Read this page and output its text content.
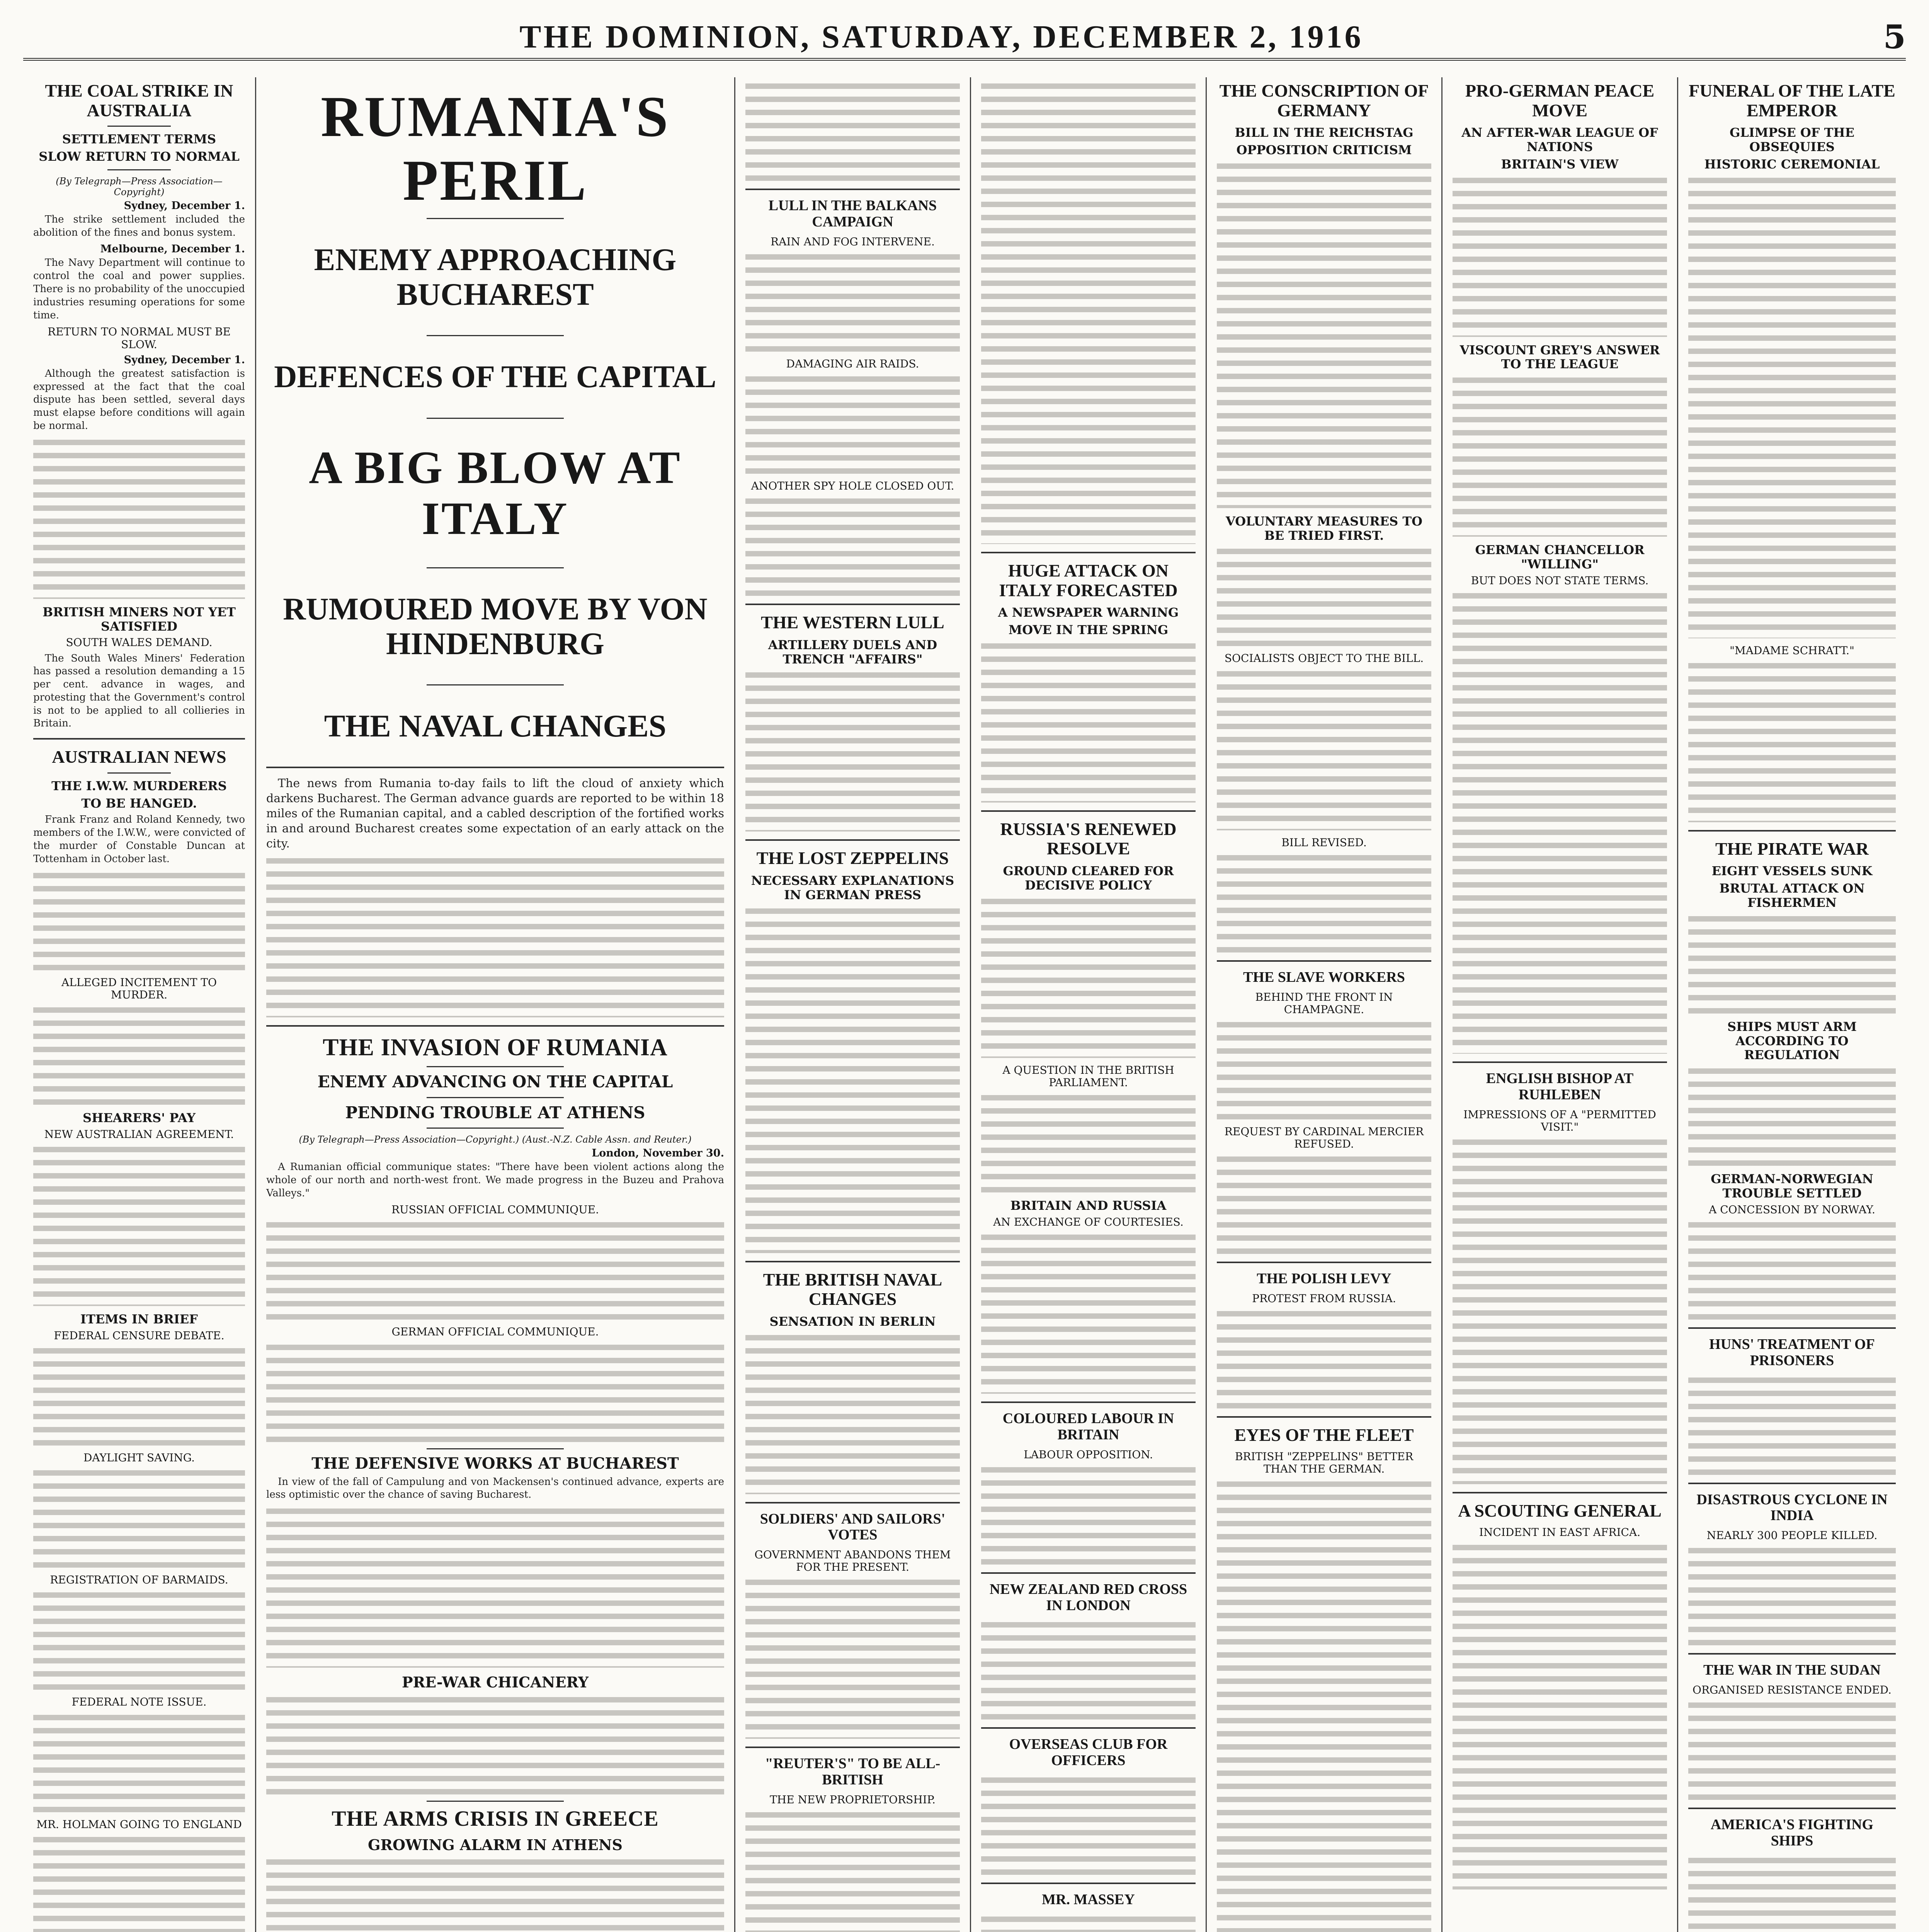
THE DOMINION, SATURDAY, DECEMBER 2, 1916	5
THE COAL STRIKE IN AUSTRALIA
SETTLEMENT TERMS
SLOW RETURN TO NORMAL
(By Telegraph—Press Association—Copyright)
Sydney, December 1.

The strike settlement included the abolition of the fines and bonus system.

Melbourne, December 1.

The Navy Department will continue to control the coal and power supplies. There is no probability of the unoccupied industries resuming operations for some time.

RETURN TO NORMAL MUST BE SLOW.
Sydney, December 1.

Although the greatest satisfaction is expressed at the fact that the coal dispute has been settled, several days must elapse before conditions will again be normal.

BRITISH MINERS NOT YET SATISFIED
SOUTH WALES DEMAND.

The South Wales Miners' Federation has passed a resolution demanding a 15 per cent. advance in wages, and protesting that the Government's control is not to be applied to all collieries in Britain.

AUSTRALIAN NEWS
THE I.W.W. MURDERERS
TO BE HANGED.

Frank Franz and Roland Kennedy, two members of the I.W.W., were convicted of the murder of Constable Duncan at Tottenham in October last.

ALLEGED INCITEMENT TO MURDER.
SHEARERS' PAY
NEW AUSTRALIAN AGREEMENT.
ITEMS IN BRIEF
FEDERAL CENSURE DEBATE.
DAYLIGHT SAVING.
REGISTRATION OF BARMAIDS.
FEDERAL NOTE ISSUE.
MR. HOLMAN GOING TO ENGLAND
RUMANIA'S PERIL
ENEMY APPROACHING BUCHAREST
DEFENCES OF THE CAPITAL
A BIG BLOW AT ITALY
RUMOURED MOVE BY VON HINDENBURG
THE NAVAL CHANGES

The news from Rumania to-day fails to lift the cloud of anxiety which darkens Bucharest. The German advance guards are reported to be within 18 miles of the Rumanian capital, and a cabled description of the fortified works in and around Bucharest creates some expectation of an early attack on the city.

THE INVASION OF RUMANIA
ENEMY ADVANCING ON THE CAPITAL
PENDING TROUBLE AT ATHENS
(By Telegraph—Press Association—Copyright.) (Aust.-N.Z. Cable Assn. and Reuter.)
London, November 30.

A Rumanian official communique states: "There have been violent actions along the whole of our north and north-west front. We made progress in the Buzeu and Prahova Valleys."

RUSSIAN OFFICIAL COMMUNIQUE.
GERMAN OFFICIAL COMMUNIQUE.
THE DEFENSIVE WORKS AT BUCHAREST

In view of the fall of Campulung and von Mackensen's continued advance, experts are less optimistic over the chance of saving Bucharest.

PRE-WAR CHICANERY
THE ARMS CRISIS IN GREECE
GROWING ALARM IN ATHENS
LULL IN THE BALKANS CAMPAIGN
RAIN AND FOG INTERVENE.
DAMAGING AIR RAIDS.
ANOTHER SPY HOLE CLOSED OUT.
THE WESTERN LULL
ARTILLERY DUELS AND TRENCH "AFFAIRS"
THE LOST ZEPPELINS
NECESSARY EXPLANATIONS IN GERMAN PRESS
THE BRITISH NAVAL CHANGES
SENSATION IN BERLIN
SOLDIERS' AND SAILORS' VOTES
GOVERNMENT ABANDONS THEM FOR THE PRESENT.
"REUTER'S" TO BE ALL-BRITISH
THE NEW PROPRIETORSHIP.
HUGE ATTACK ON ITALY FORECASTED
A NEWSPAPER WARNING
MOVE IN THE SPRING
RUSSIA'S RENEWED RESOLVE
GROUND CLEARED FOR DECISIVE POLICY
A QUESTION IN THE BRITISH PARLIAMENT.
BRITAIN AND RUSSIA
AN EXCHANGE OF COURTESIES.
COLOURED LABOUR IN BRITAIN
LABOUR OPPOSITION.
NEW ZEALAND RED CROSS IN LONDON
OVERSEAS CLUB FOR OFFICERS
MR. MASSEY
THE CONSCRIPTION OF GERMANY
BILL IN THE REICHSTAG
OPPOSITION CRITICISM
VOLUNTARY MEASURES TO BE TRIED FIRST.
SOCIALISTS OBJECT TO THE BILL.
BILL REVISED.
THE SLAVE WORKERS
BEHIND THE FRONT IN CHAMPAGNE.
REQUEST BY CARDINAL MERCIER REFUSED.
THE POLISH LEVY
PROTEST FROM RUSSIA.
EYES OF THE FLEET
BRITISH "ZEPPELINS" BETTER THAN THE GERMAN.

PRO-GERMAN PEACE MOVE
AN AFTER-WAR LEAGUE OF NATIONS
BRITAIN'S VIEW
VISCOUNT GREY'S ANSWER TO THE LEAGUE
GERMAN CHANCELLOR "WILLING"
BUT DOES NOT STATE TERMS.
ENGLISH BISHOP AT RUHLEBEN
IMPRESSIONS OF A "PERMITTED VISIT."
A SCOUTING GENERAL
INCIDENT IN EAST AFRICA.
FUNERAL OF THE LATE EMPEROR
GLIMPSE OF THE OBSEQUIES
HISTORIC CEREMONIAL
"MADAME SCHRATT."
THE PIRATE WAR
EIGHT VESSELS SUNK
BRUTAL ATTACK ON FISHERMEN
SHIPS MUST ARM ACCORDING TO REGULATION
GERMAN-NORWEGIAN TROUBLE SETTLED
A CONCESSION BY NORWAY.
HUNS' TREATMENT OF PRISONERS
DISASTROUS CYCLONE IN INDIA
NEARLY 300 PEOPLE KILLED.
THE WAR IN THE SUDAN
ORGANISED RESISTANCE ENDED.
AMERICA'S FIGHTING SHIPS
